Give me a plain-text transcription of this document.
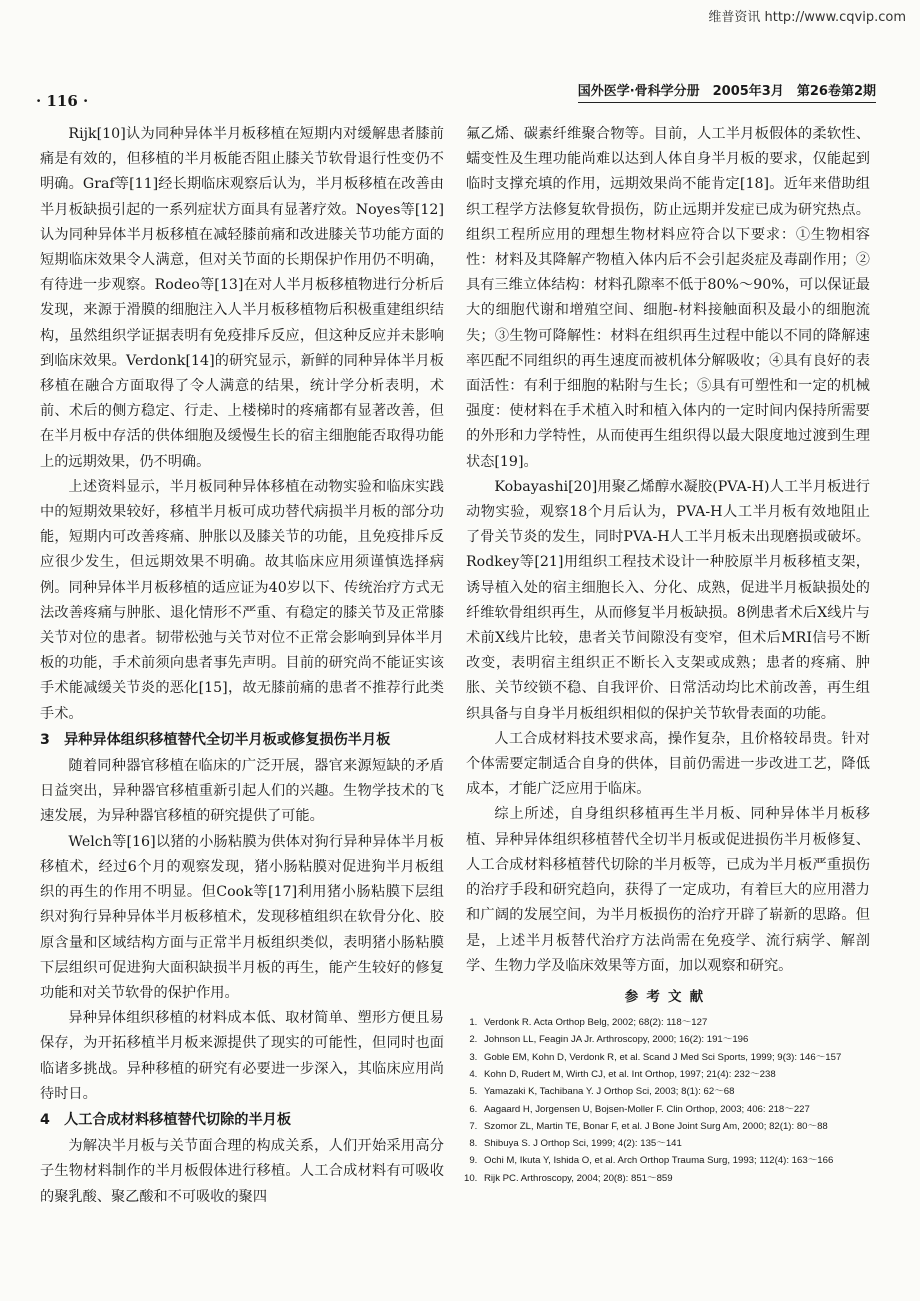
维普资讯 http://www.cqvip.com
· 116 ·
国外医学·骨科学分册　2005年3月　第26卷第2期

Rijk[10]认为同种异体半月板移植在短期内对缓解患者膝前痛是有效的，但移植的半月板能否阻止膝关节软骨退行性变仍不明确。Graf等[11]经长期临床观察后认为，半月板移植在改善由半月板缺损引起的一系列症状方面具有显著疗效。Noyes等[12]认为同种异体半月板移植在减轻膝前痛和改进膝关节功能方面的短期临床效果令人满意，但对关节面的长期保护作用仍不明确，有待进一步观察。Rodeo等[13]在对人半月板移植物进行分析后发现，来源于滑膜的细胞注入人半月板移植物后积极重建组织结构，虽然组织学证据表明有免疫排斥反应，但这种反应并未影响到临床效果。Verdonk[14]的研究显示，新鲜的同种异体半月板移植在融合方面取得了令人满意的结果，统计学分析表明，术前、术后的侧方稳定、行走、上楼梯时的疼痛都有显著改善，但在半月板中存活的供体细胞及缓慢生长的宿主细胞能否取得功能上的远期效果，仍不明确。

上述资料显示，半月板同种异体移植在动物实验和临床实践中的短期效果较好，移植半月板可成功替代病损半月板的部分功能，短期内可改善疼痛、肿胀以及膝关节的功能，且免疫排斥反应很少发生，但远期效果不明确。故其临床应用须谨慎选择病例。同种异体半月板移植的适应证为40岁以下、传统治疗方式无法改善疼痛与肿胀、退化情形不严重、有稳定的膝关节及正常膝关节对位的患者。韧带松弛与关节对位不正常会影响到异体半月板的功能，手术前须向患者事先声明。目前的研究尚不能证实该手术能减缓关节炎的恶化[15]，故无膝前痛的患者不推荐行此类手术。

3　异种异体组织移植替代全切半月板或修复损伤半月板

随着同种器官移植在临床的广泛开展，器官来源短缺的矛盾日益突出，异种器官移植重新引起人们的兴趣。生物学技术的飞速发展，为异种器官移植的研究提供了可能。

Welch等[16]以猪的小肠粘膜为供体对狗行异种异体半月板移植术，经过6个月的观察发现，猪小肠粘膜对促进狗半月板组织的再生的作用不明显。但Cook等[17]利用猪小肠粘膜下层组织对狗行异种异体半月板移植术，发现移植组织在软骨分化、胶原含量和区域结构方面与正常半月板组织类似，表明猪小肠粘膜下层组织可促进狗大面积缺损半月板的再生，能产生较好的修复功能和对关节软骨的保护作用。

异种异体组织移植的材料成本低、取材简单、塑形方便且易保存，为开拓移植半月板来源提供了现实的可能性，但同时也面临诸多挑战。异种移植的研究有必要进一步深入，其临床应用尚待时日。

4　人工合成材料移植替代切除的半月板

为解决半月板与关节面合理的构成关系，人们开始采用高分子生物材料制作的半月板假体进行移植。人工合成材料有可吸收的聚乳酸、聚乙酸和不可吸收的聚四

氟乙烯、碳素纤维聚合物等。目前，人工半月板假体的柔软性、蠕变性及生理功能尚难以达到人体自身半月板的要求，仅能起到临时支撑充填的作用，远期效果尚不能肯定[18]。近年来借助组织工程学方法修复软骨损伤，防止远期并发症已成为研究热点。组织工程所应用的理想生物材料应符合以下要求：①生物相容性：材料及其降解产物植入体内后不会引起炎症及毒副作用；②具有三维立体结构：材料孔隙率不低于80%～90%，可以保证最大的细胞代谢和增殖空间、细胞-材料接触面积及最小的细胞流失；③生物可降解性：材料在组织再生过程中能以不同的降解速率匹配不同组织的再生速度而被机体分解吸收；④具有良好的表面活性：有利于细胞的粘附与生长；⑤具有可塑性和一定的机械强度：使材料在手术植入时和植入体内的一定时间内保持所需要的外形和力学特性，从而使再生组织得以最大限度地过渡到生理状态[19]。

Kobayashi[20]用聚乙烯醇水凝胶(PVA-H)人工半月板进行动物实验，观察18个月后认为，PVA-H人工半月板有效地阻止了骨关节炎的发生，同时PVA-H人工半月板未出现磨损或破坏。Rodkey等[21]用组织工程技术设计一种胶原半月板移植支架，诱导植入处的宿主细胞长入、分化、成熟，促进半月板缺损处的纤维软骨组织再生，从而修复半月板缺损。8例患者术后X线片与术前X线片比较，患者关节间隙没有变窄，但术后MRI信号不断改变，表明宿主组织正不断长入支架或成熟；患者的疼痛、肿胀、关节绞锁不稳、自我评价、日常活动均比术前改善，再生组织具备与自身半月板组织相似的保护关节软骨表面的功能。

人工合成材料技术要求高，操作复杂，且价格较昂贵。针对个体需要定制适合自身的供体，目前仍需进一步改进工艺，降低成本，才能广泛应用于临床。

综上所述，自身组织移植再生半月板、同种异体半月板移植、异种异体组织移植替代全切半月板或促进损伤半月板修复、人工合成材料移植替代切除的半月板等，已成为半月板严重损伤的治疗手段和研究趋向，获得了一定成功，有着巨大的应用潜力和广阔的发展空间，为半月板损伤的治疗开辟了崭新的思路。但是，上述半月板替代治疗方法尚需在免疫学、流行病学、解剖学、生物力学及临床效果等方面，加以观察和研究。

参考文献
1. Verdonk R. Acta Orthop Belg, 2002; 68(2): 118～127
2. Johnson LL, Feagin JA Jr. Arthroscopy, 2000; 16(2): 191～196
3. Goble EM, Kohn D, Verdonk R, et al. Scand J Med Sci Sports, 1999; 9(3): 146～157
4. Kohn D, Rudert M, Wirth CJ, et al. Int Orthop, 1997; 21(4): 232～238
5. Yamazaki K, Tachibana Y. J Orthop Sci, 2003; 8(1): 62～68
6. Aagaard H, Jorgensen U, Bojsen-Moller F. Clin Orthop, 2003; 406: 218～227
7. Szomor ZL, Martin TE, Bonar F, et al. J Bone Joint Surg Am, 2000; 82(1): 80～88
8. Shibuya S. J Orthop Sci, 1999; 4(2): 135～141
9. Ochi M, Ikuta Y, Ishida O, et al. Arch Orthop Trauma Surg, 1993; 112(4): 163～166
10. Rijk PC. Arthroscopy, 2004; 20(8): 851～859
